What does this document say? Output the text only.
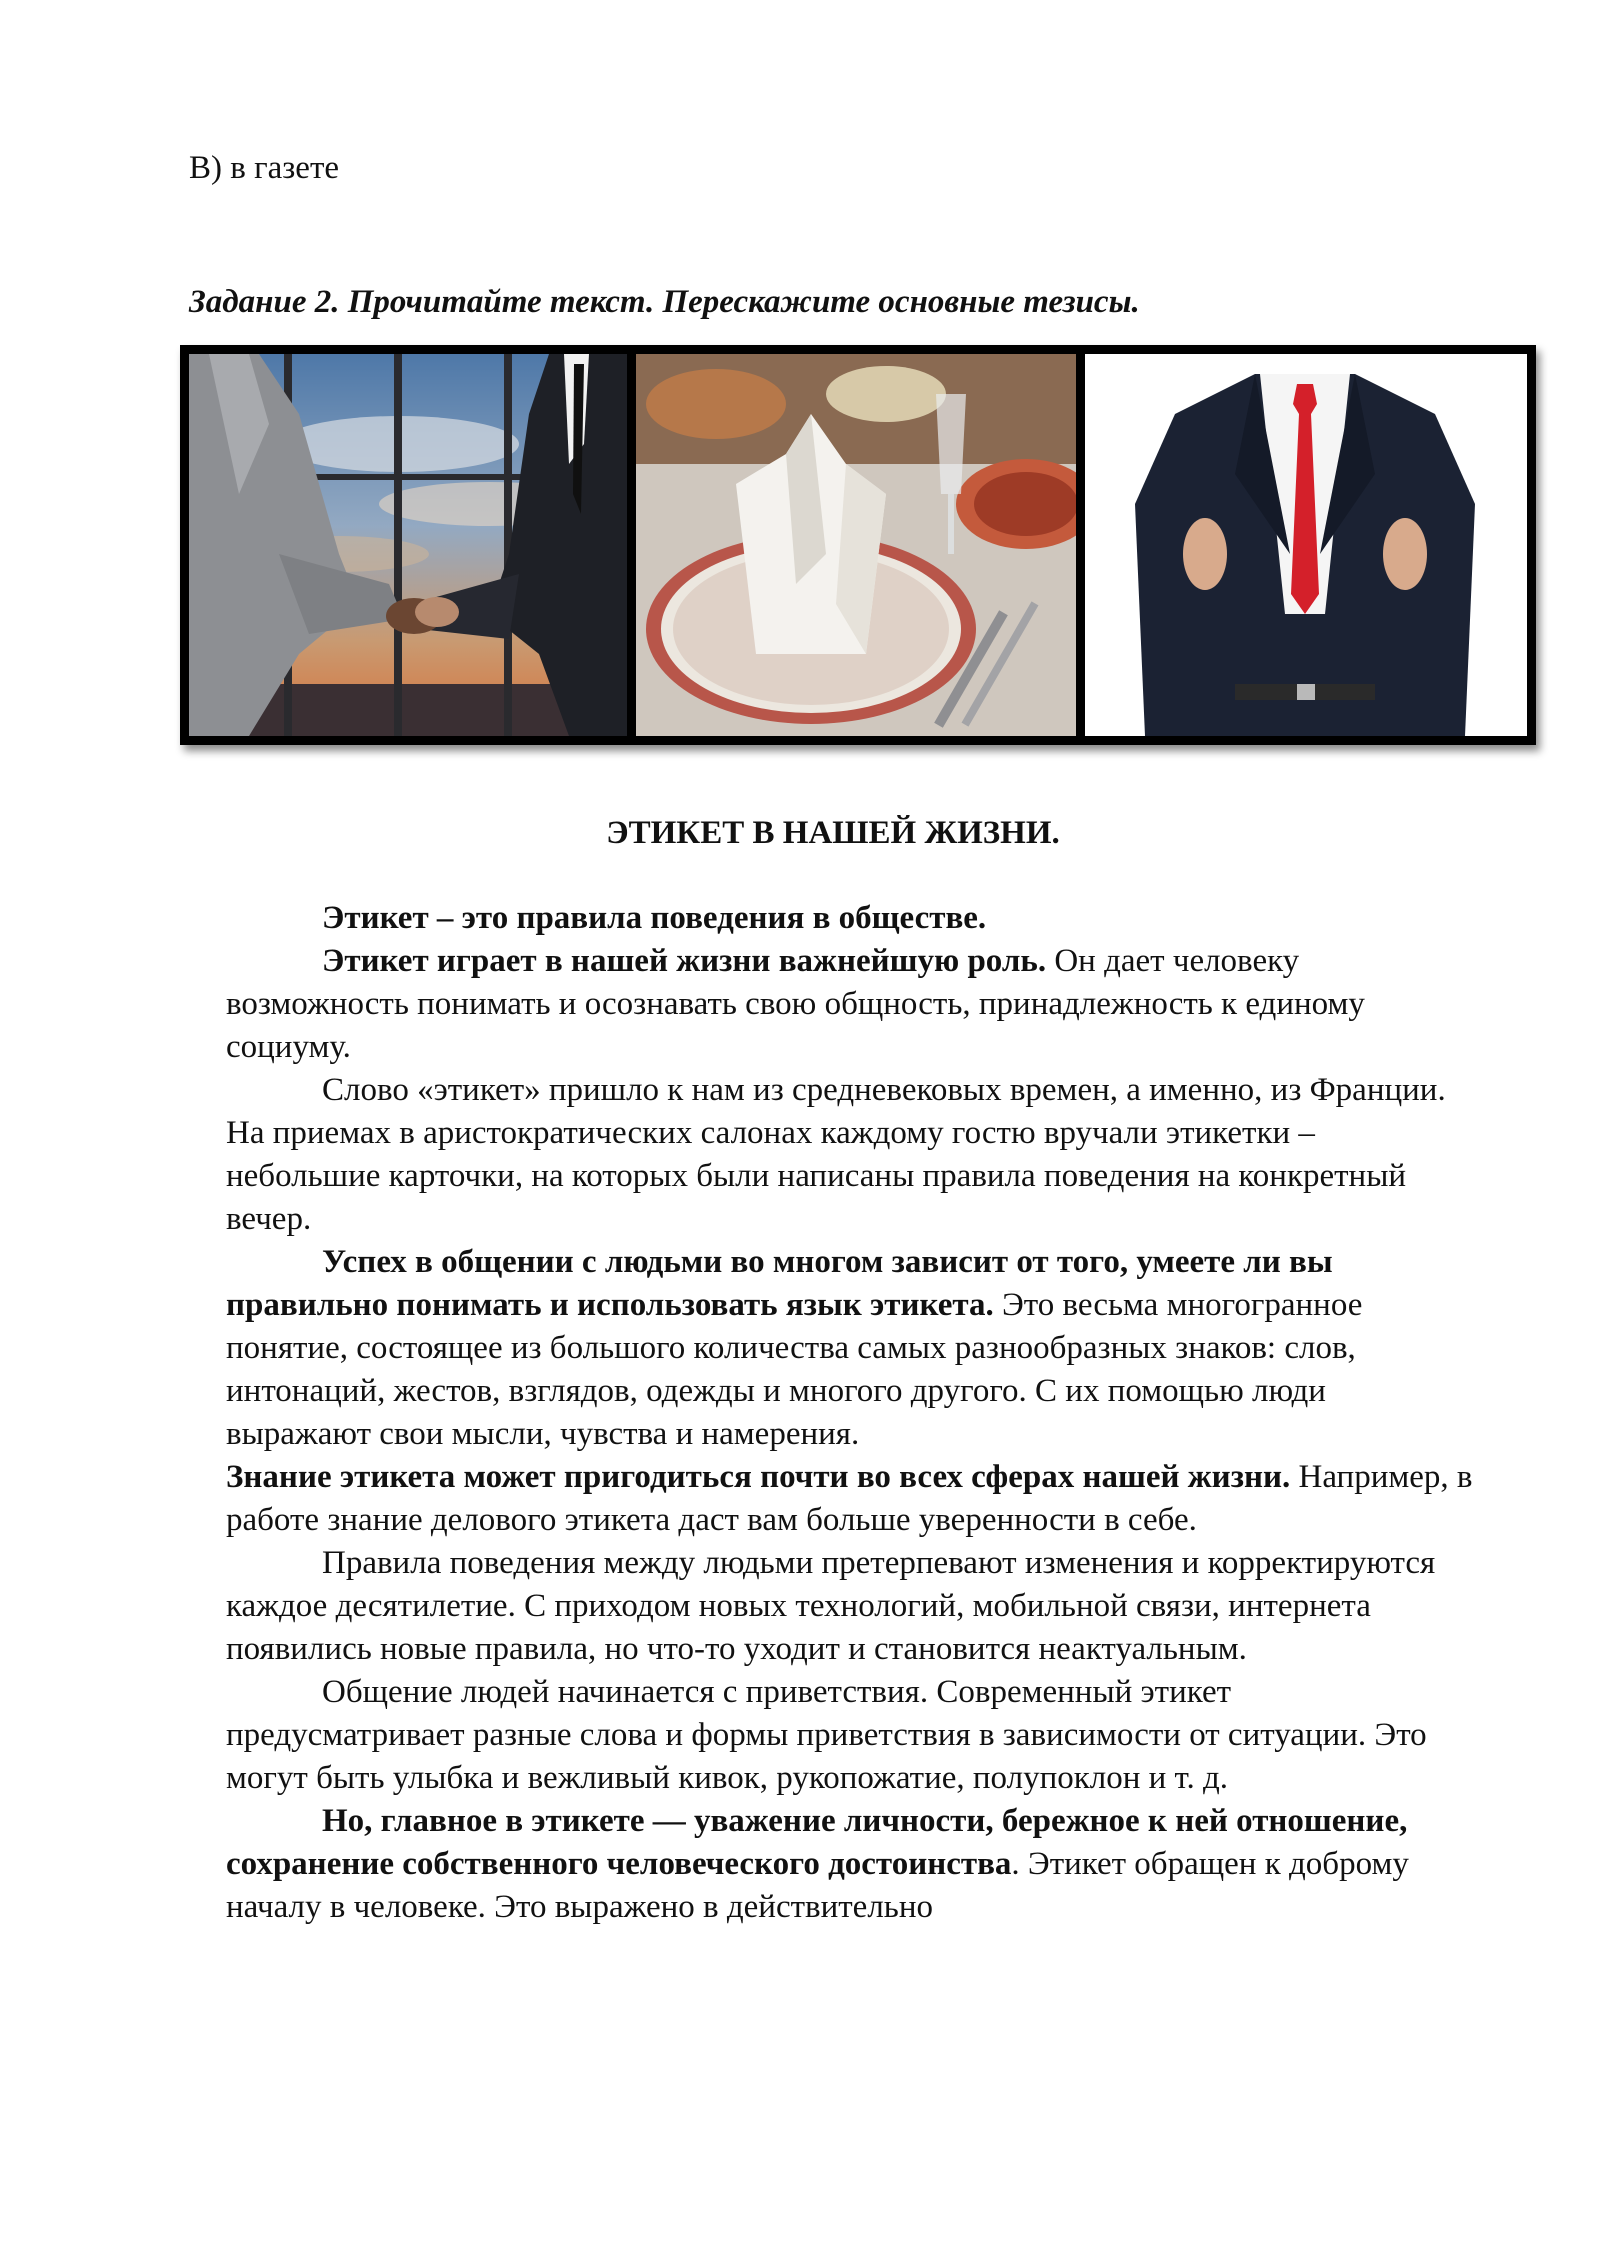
В) в газете
Задание 2. Прочитайте текст. Перескажите основные тезисы.
ЭТИКЕТ В НАШЕЙ ЖИЗНИ.

Этикет – это правила поведения в обществе.

Этикет играет в нашей жизни важнейшую роль. Он дает человеку возможность понимать и осознавать свою общность, принадлежность к единому социуму.

Слово «этикет» пришло к нам из средневековых времен, а именно, из Франции. На приемах в аристократических салонах каждому гостю вручали этикетки – небольшие карточки, на которых были написаны правила поведения на конкретный вечер.

Успех в общении с людьми во многом зависит от того, умеете ли вы правильно понимать и использовать язык этикета. Это весьма многогранное понятие, состоящее из большого количества самых разнообразных знаков: слов, интонаций, жестов, взглядов, одежды и многого другого. С их помощью люди выражают свои мысли, чувства и намерения.

Знание этикета может пригодиться почти во всех сферах нашей жизни. Например, в работе знание делового этикета даст вам больше уверенности в себе.

Правила поведения между людьми претерпевают изменения и корректируются каждое десятилетие. С приходом новых технологий, мобильной связи, интернета появились новые правила, но что-то уходит и становится неактуальным.

Общение людей начинается с приветствия. Современный этикет предусматривает разные слова и формы приветствия в зависимости от ситуации. Это могут быть улыбка и вежливый кивок, рукопожатие, полупоклон и т. д.

Но, главное в этикете — уважение личности, бережное к ней отношение, сохранение собственного человеческого достоинства. Этикет обращен к доброму началу в человеке. Это выражено в действительно
